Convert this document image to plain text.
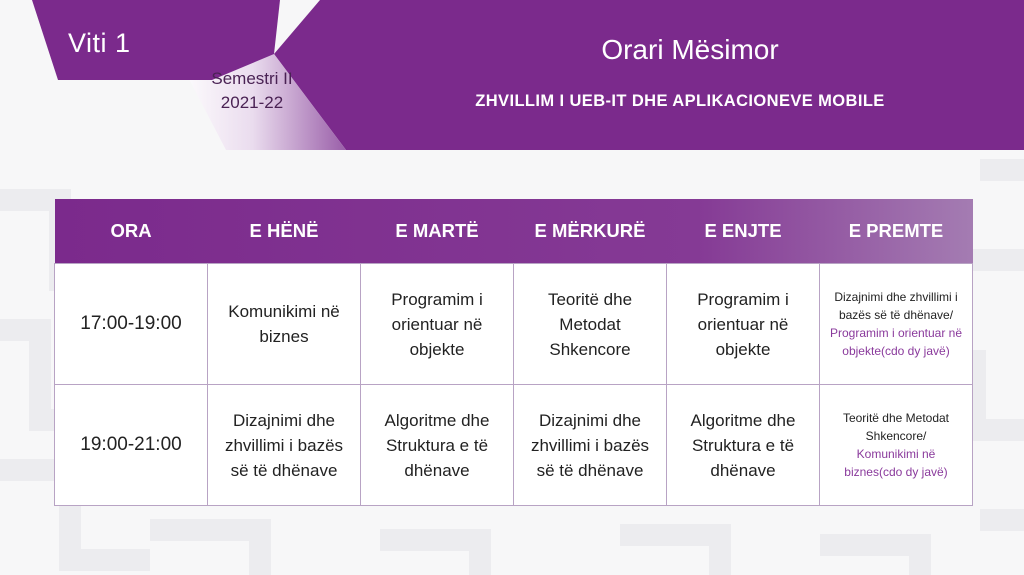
Viti 1
Semestri II
2021-22
Orari Mësimor
ZHVILLIM I UEB-IT DHE APLIKACIONEVE MOBILE
ORA	E HËNË	E MARTË	E MËRKURË	E ENJTE	E PREMTE
17:00-19:00	Komunikimi në biznes	Programim i orientuar në objekte	Teoritë dhe Metodat Shkencore	Programim i orientuar në objekte	Dizajnimi dhe zhvillimi i bazës së të dhënave/
Programim i orientuar në objekte(cdo dy javë)

19:00-21:00	Dizajnimi dhe zhvillimi i bazës së të dhënave	Algoritme dhe Struktura e të dhënave	Dizajnimi dhe zhvillimi i bazës së të dhënave	Algoritme dhe Struktura e të dhënave	Teoritë dhe Metodat Shkencore/
Komunikimi në biznes(cdo dy javë)
